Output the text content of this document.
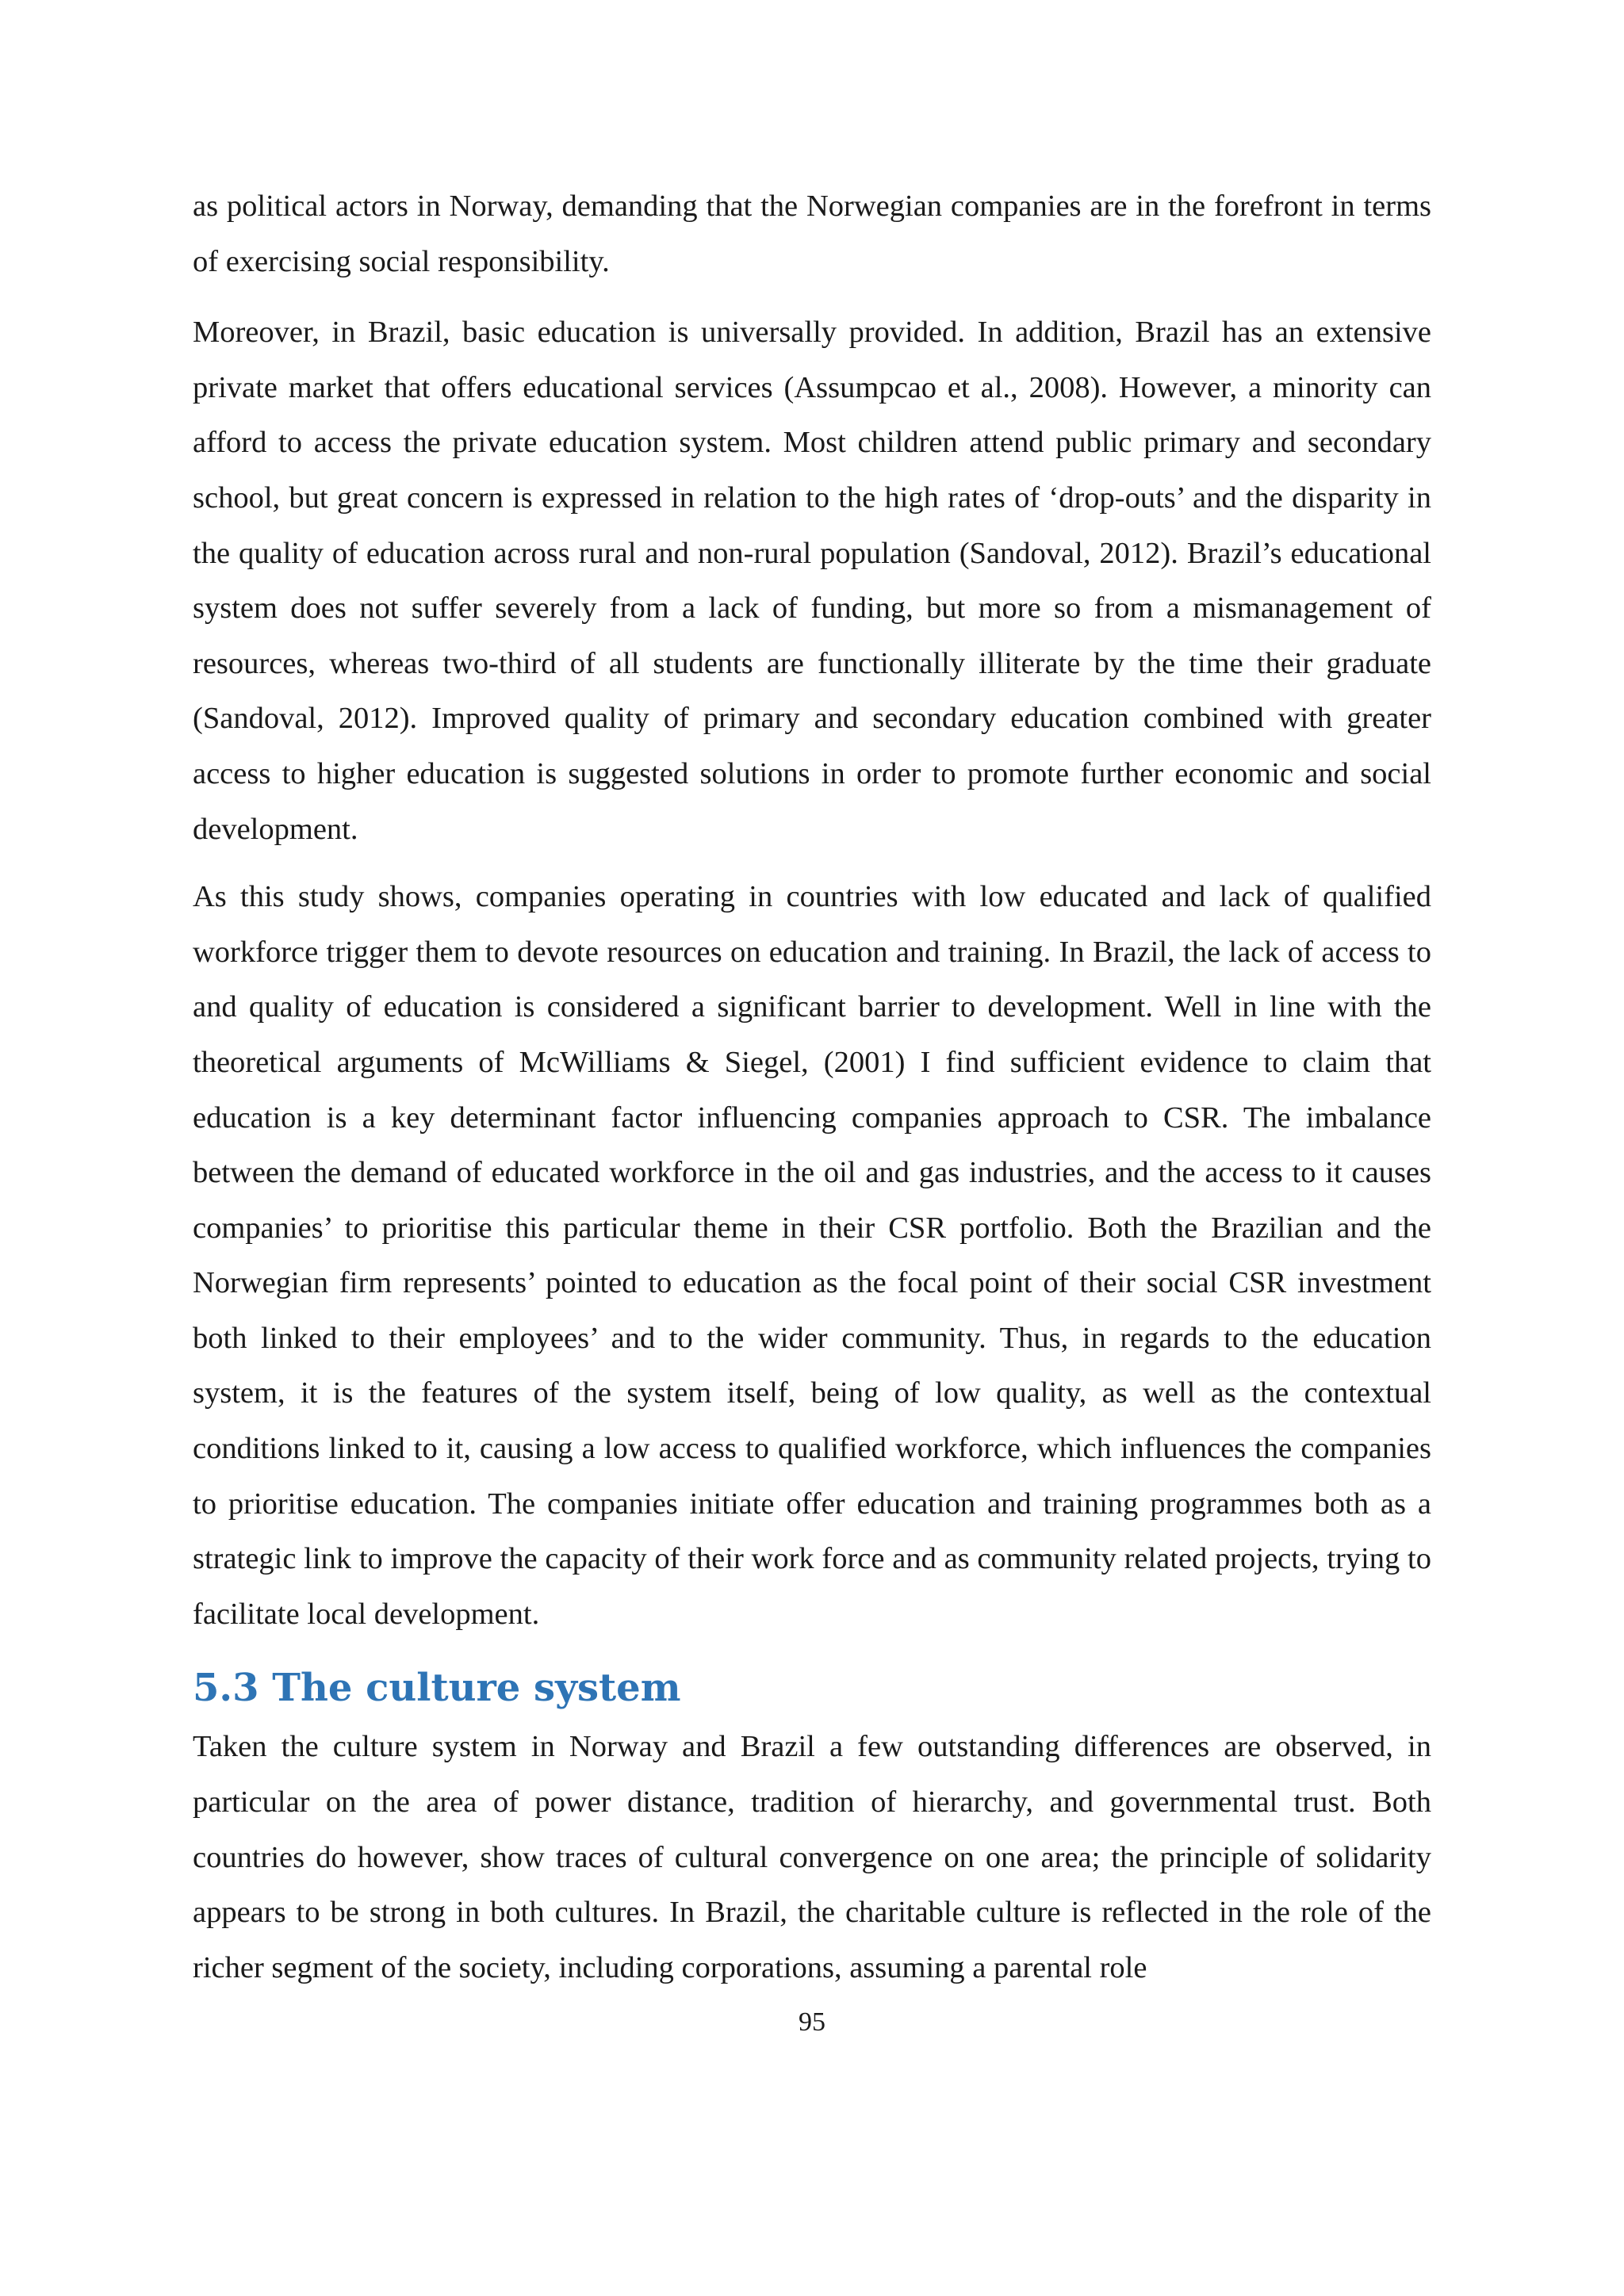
as political actors in Norway, demanding that the Norwegian companies are in the forefront in terms of exercising social responsibility.

Moreover, in Brazil, basic education is universally provided. In addition, Brazil has an extensive private market that offers educational services (Assumpcao et al., 2008). However, a minority can afford to access the private education system. Most children attend public primary and secondary school, but great concern is expressed in relation to the high rates of ‘drop-outs’ and the disparity in the quality of education across rural and non-rural population (Sandoval, 2012). Brazil’s educational system does not suffer severely from a lack of funding, but more so from a mismanagement of resources, whereas two-third of all students are functionally illiterate by the time their graduate (Sandoval, 2012). Improved quality of primary and secondary education combined with greater access to higher education is suggested solutions in order to promote further economic and social development.

As this study shows, companies operating in countries with low educated and lack of qualified workforce trigger them to devote resources on education and training. In Brazil, the lack of access to and quality of education is considered a significant barrier to development. Well in line with the theoretical arguments of McWilliams & Siegel, (2001) I find sufficient evidence to claim that education is a key determinant factor influencing companies approach to CSR. The imbalance between the demand of educated workforce in the oil and gas industries, and the access to it causes companies’ to prioritise this particular theme in their CSR portfolio. Both the Brazilian and the Norwegian firm represents’ pointed to education as the focal point of their social CSR investment both linked to their employees’ and to the wider community. Thus, in regards to the education system, it is the features of the system itself, being of low quality, as well as the contextual conditions linked to it, causing a low access to qualified workforce, which influences the companies to prioritise education. The companies initiate offer education and training programmes both as a strategic link to improve the capacity of their work force and as community related projects, trying to facilitate local development.

5.3 The culture system

Taken the culture system in Norway and Brazil a few outstanding differences are observed, in particular on the area of power distance, tradition of hierarchy, and governmental trust. Both countries do however, show traces of cultural convergence on one area; the principle of solidarity appears to be strong in both cultures. In Brazil, the charitable culture is reflected in the role of the richer segment of the society, including corporations, assuming a parental role

95
